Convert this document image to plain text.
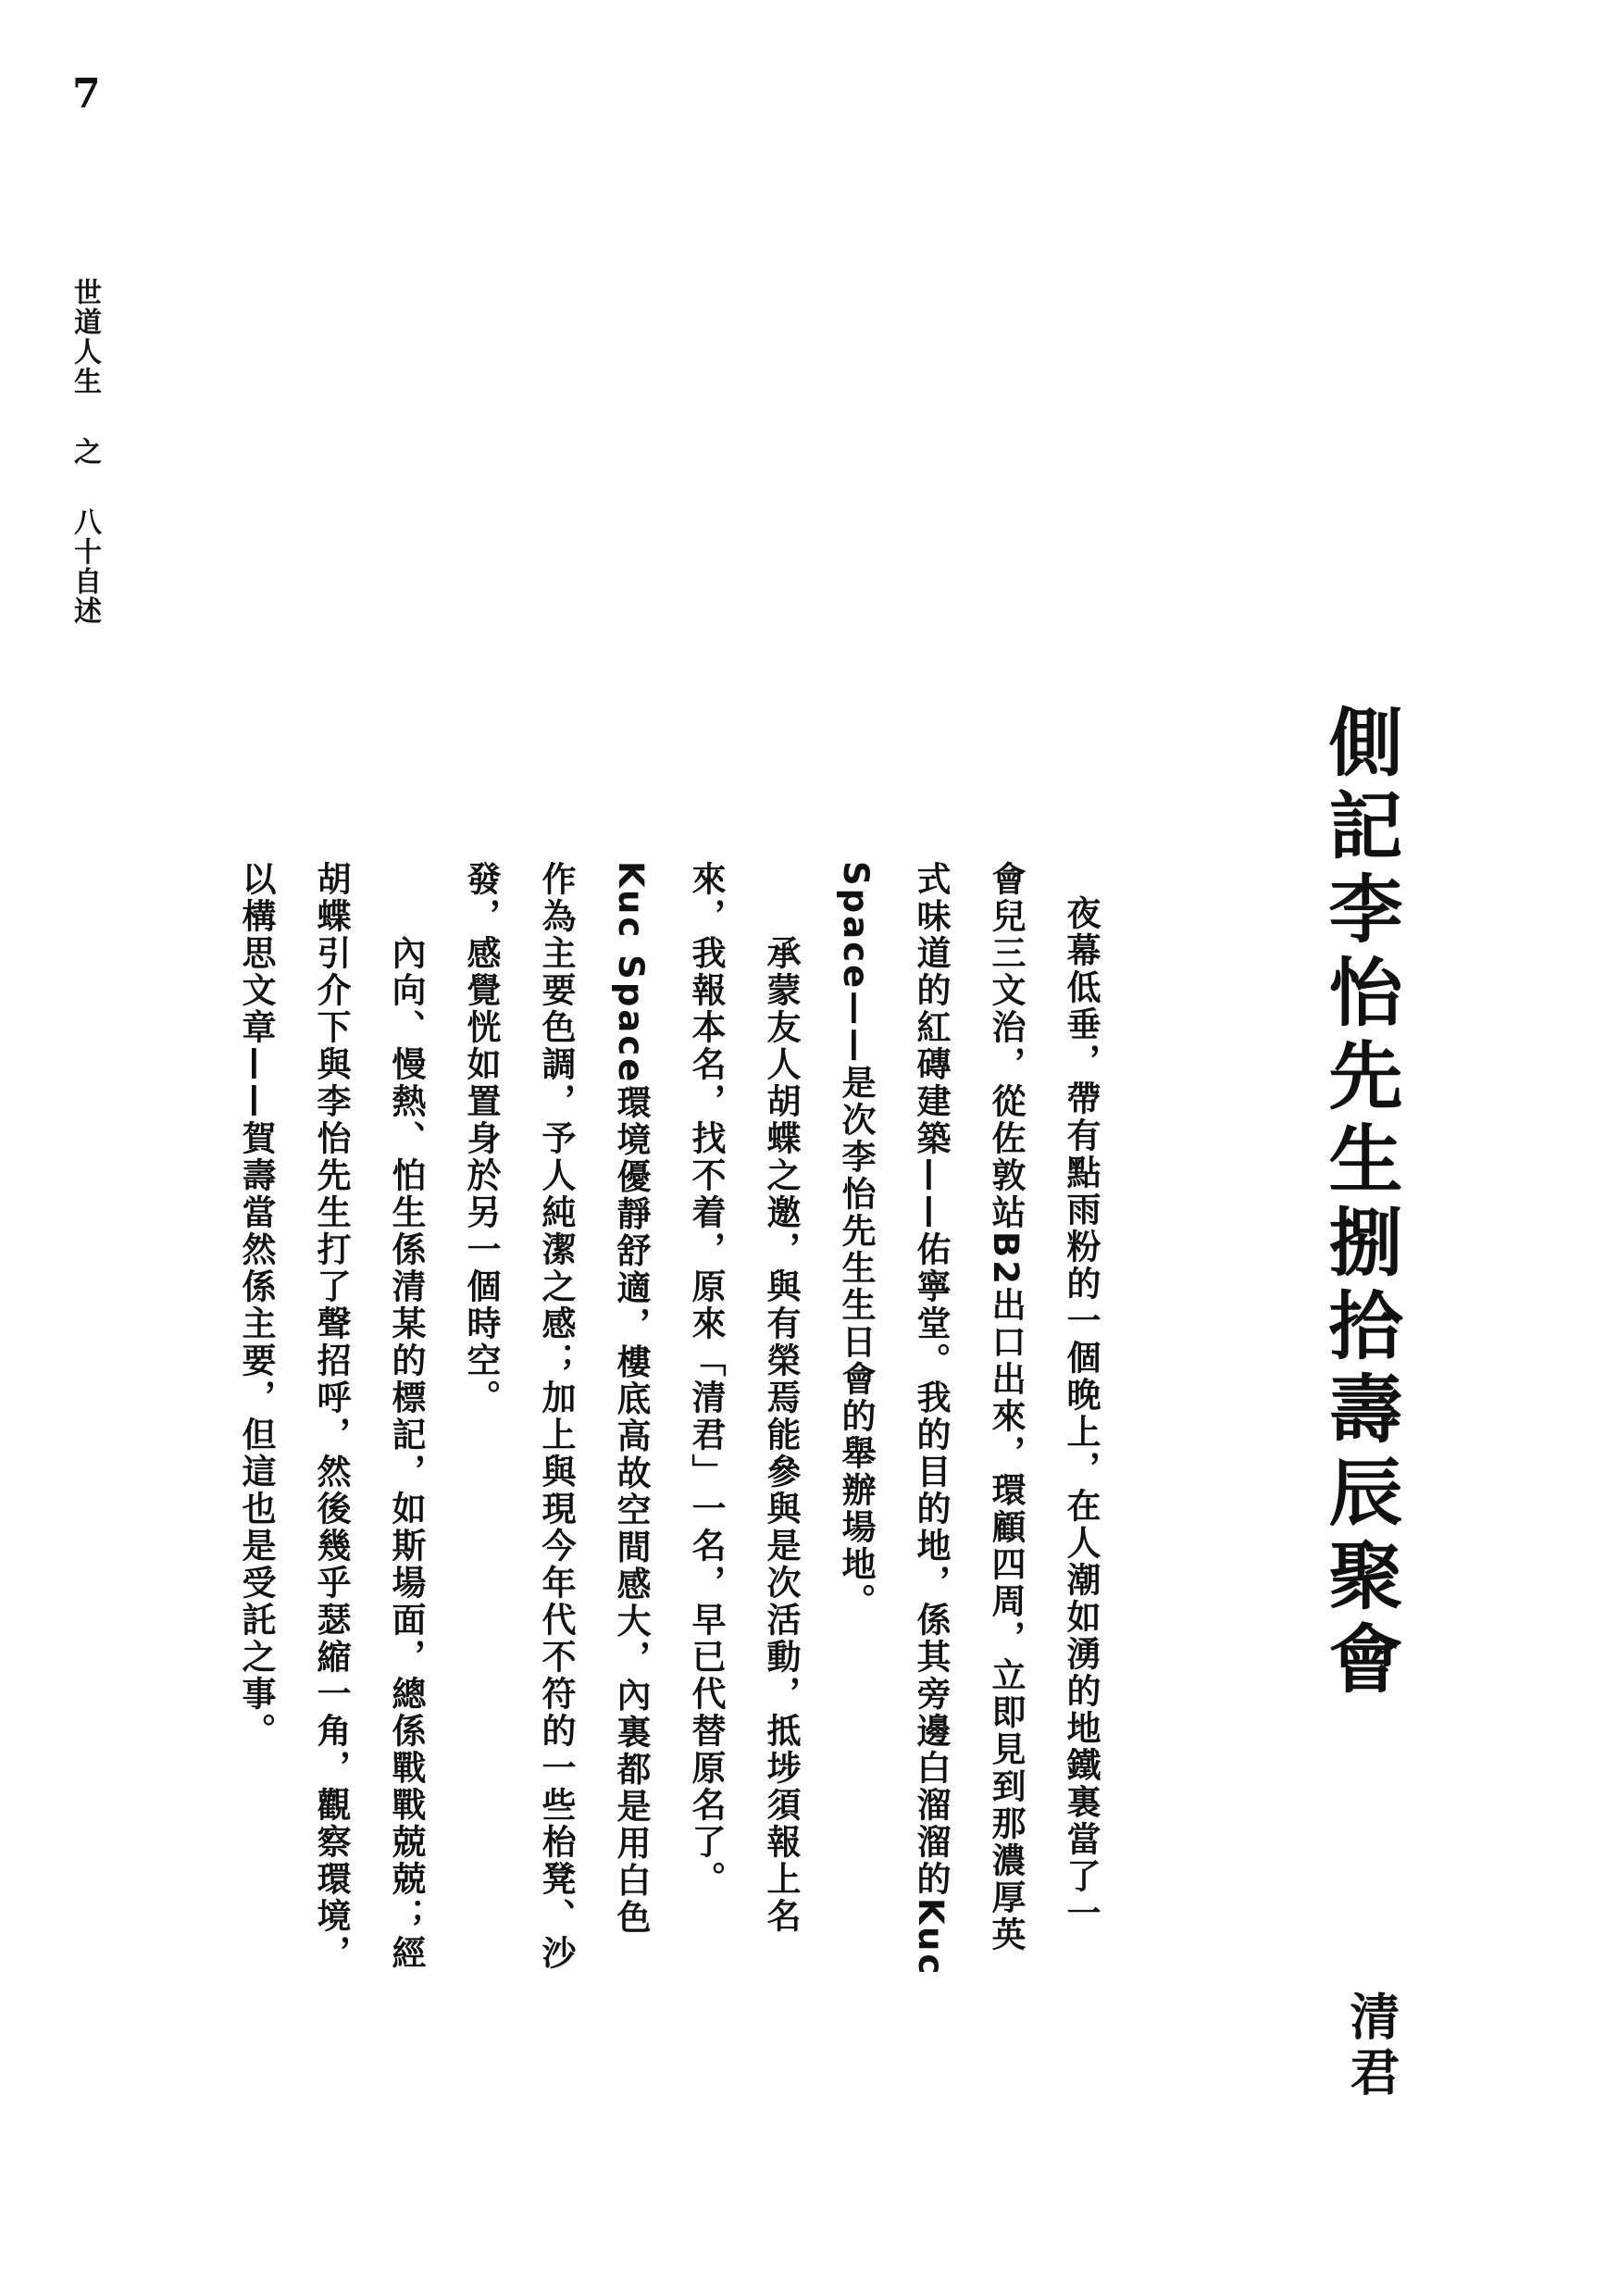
7
世道人生之八十自述
側記李怡先生捌拾壽辰聚會
清君
夜幕低垂，帶有點雨粉的一個晚上，在人潮如湧的地鐵裏當了一
會兒三文治，從佐敦站B2出口出來，環顧四周，立即見到那濃厚英
式味道的紅磚建築——佑寧堂。我的目的地，係其旁邊白溜溜的Kuc
Space——是次李怡先生生日會的舉辦場地。
承蒙友人胡蝶之邀，與有榮焉能參與是次活動，抵埗須報上名
來，我報本名，找不着，原來「清君」一名，早已代替原名了。
Kuc Space環境優靜舒適，樓底高故空間感大，內裏都是用白色
作為主要色調，予人純潔之感；加上與現今年代不符的一些枱凳、沙
發，感覺恍如置身於另一個時空。
內向、慢熱、怕生係清某的標記，如斯場面，總係戰戰兢兢；經
胡蝶引介下與李怡先生打了聲招呼，然後幾乎瑟縮一角，觀察環境，
以構思文章——賀壽當然係主要，但這也是受託之事。
